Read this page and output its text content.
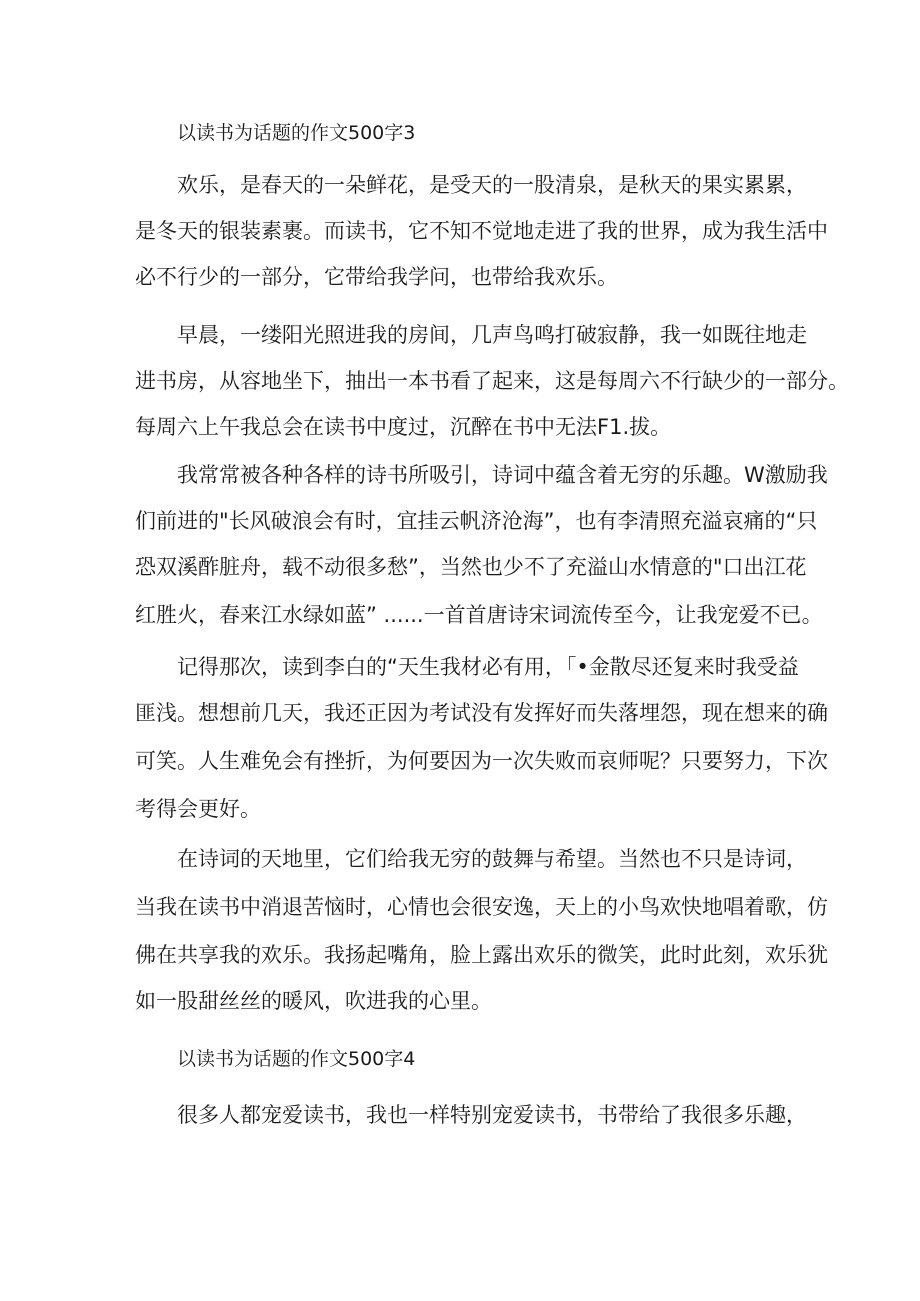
以读书为话题的作文500字3
欢乐，是春天的一朵鲜花，是受天的一股清泉，是秋天的果实累累，
是冬天的银装素裹。而读书，它不知不觉地走进了我的世界，成为我生活中
必不行少的一部分，它带给我学问，也带给我欢乐。
早晨，一缕阳光照进我的房间，几声鸟鸣打破寂静，我一如既往地走
进书房，从容地坐下，抽出一本书看了起来，这是每周六不行缺少的一部分。
每周六上午我总会在读书中度过，沉醉在书中无法F1.拔。
我常常被各种各样的诗书所吸引，诗词中蕴含着无穷的乐趣。W激励我
们前进的"长风破浪会有时，宜挂云帆济沧海”，也有李清照充溢哀痛的“只
恐双溪酢脏舟，载不动很多愁”，当然也少不了充溢山水情意的"口出江花
红胜火，春来江水绿如蓝” ......一首首唐诗宋词流传至今，让我宠爱不已。
记得那次，读到李白的“天生我材必有用，「•金散尽还复来时我受益
匪浅。想想前几天，我还正因为考试没有发挥好而失落埋怨，现在想来的确
可笑。人生难免会有挫折，为何要因为一次失败而哀师呢？只要努力，下次
考得会更好。
在诗词的天地里，它们给我无穷的鼓舞与希望。当然也不只是诗词，
当我在读书中消退苦恼时，心情也会很安逸，天上的小鸟欢快地唱着歌，仿
佛在共享我的欢乐。我扬起嘴角，脸上露出欢乐的微笑，此时此刻，欢乐犹
如一股甜丝丝的暖风，吹进我的心里。
以读书为话题的作文500字4
很多人都宠爱读书，我也一样特别宠爱读书，书带给了我很多乐趣，
